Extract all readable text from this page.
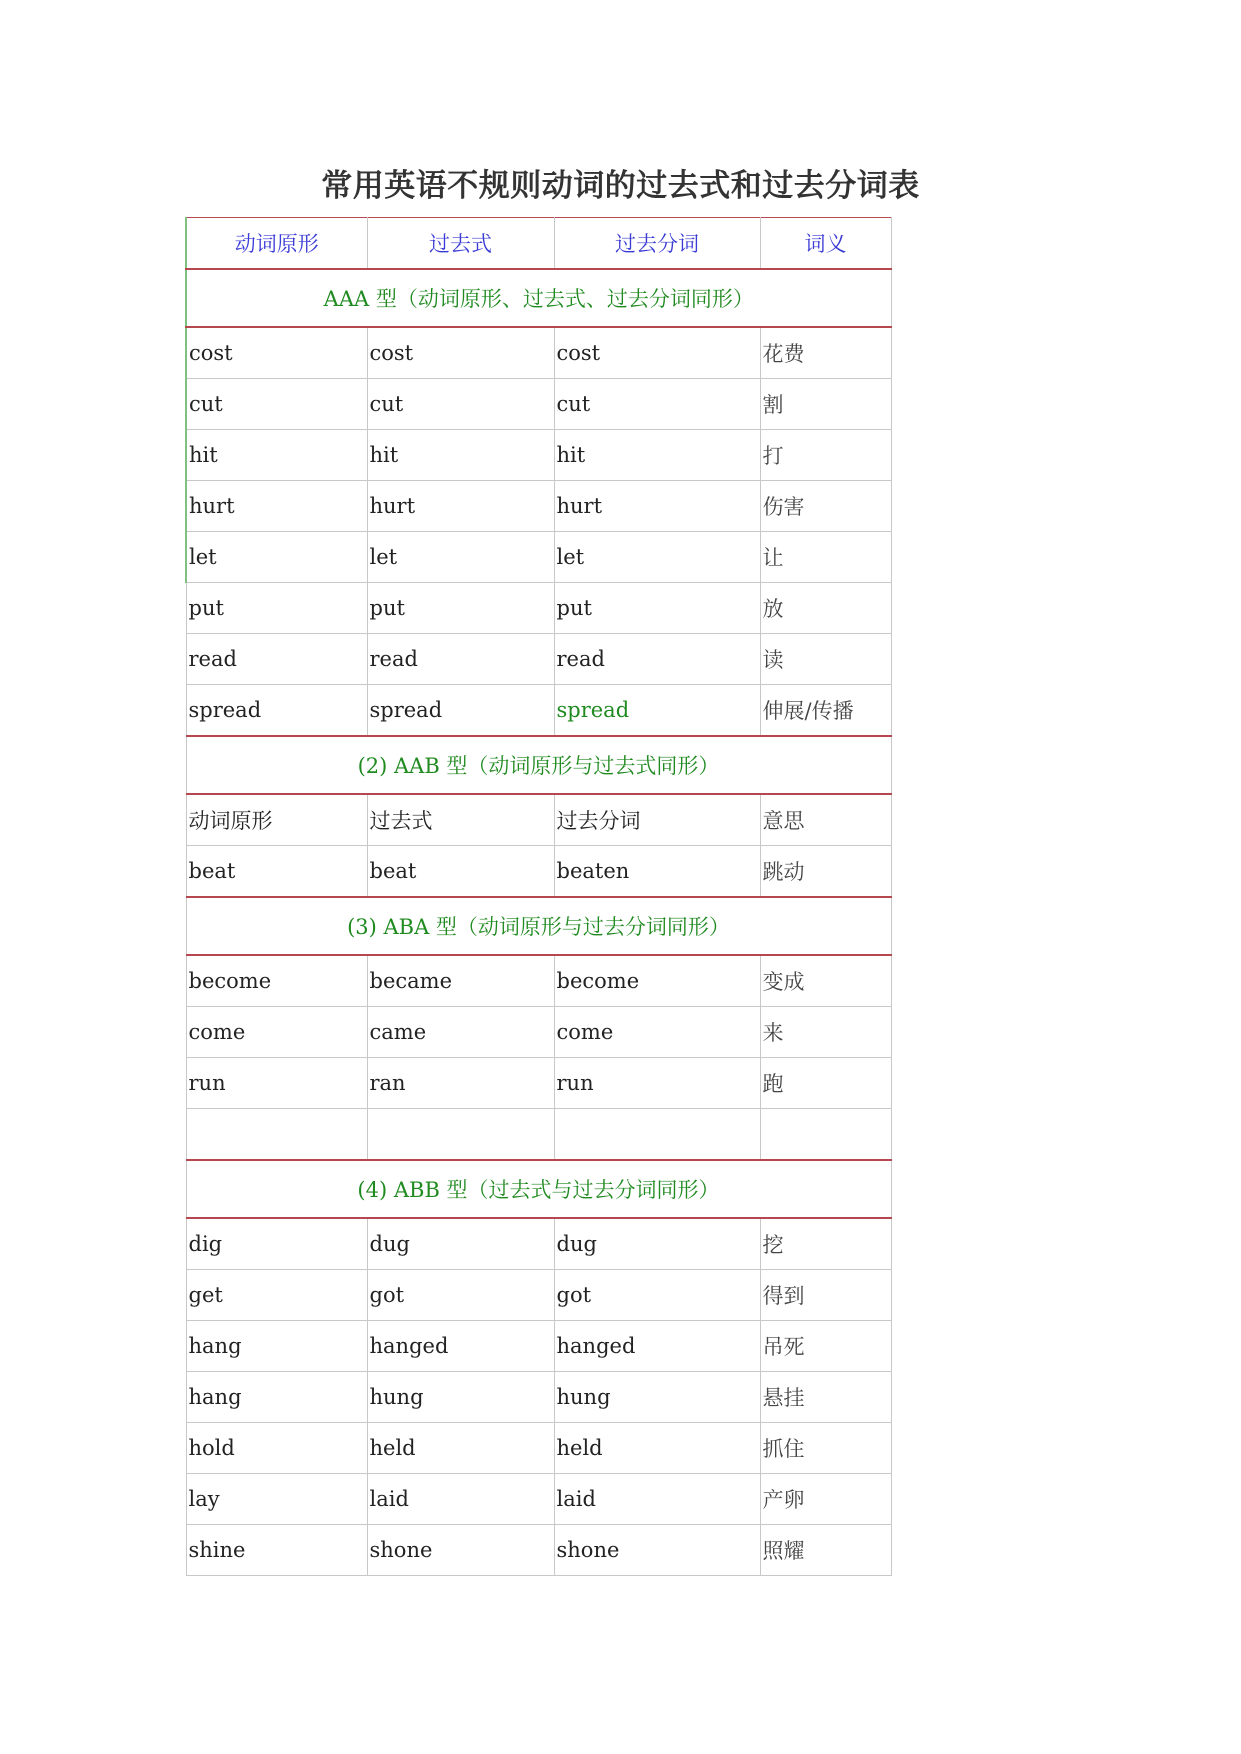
常用英语不规则动词的过去式和过去分词表
动词原形	过去式	过去分词	词义
AAA 型（动词原形、过去式、过去分词同形）			
cost	cost	cost	花费
cut	cut	cut	割
hit	hit	hit	打
hurt	hurt	hurt	伤害
let	let	let	让
put	put	put	放
read	read	read	读
spread	spread	spread	伸展/传播
(2) AAB 型（动词原形与过去式同形）			
动词原形	过去式	过去分词	意思
beat	beat	beaten	跳动
(3) ABA 型（动词原形与过去分词同形）			
become	became	become	变成
come	came	come	来
run	ran	run	跑

(4) ABB 型（过去式与过去分词同形）			
dig	dug	dug	挖
get	got	got	得到
hang	hanged	hanged	吊死
hang	hung	hung	悬挂
hold	held	held	抓住
lay	laid	laid	产卵
shine	shone	shone	照耀
